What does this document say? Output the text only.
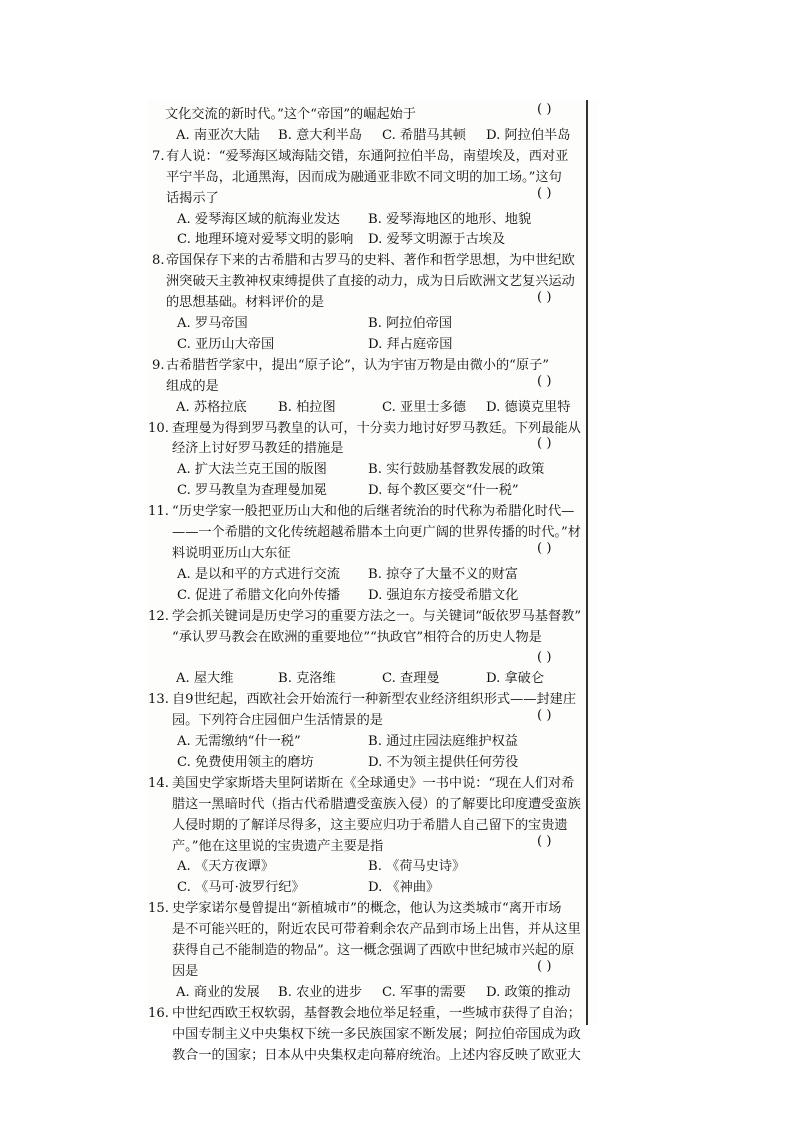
文化交流的新时代。”这个“帝国”的崛起始于	( )
A. 南亚次大陆 B. 意大利半岛 C. 希腊马其顿 D. 阿拉伯半岛
7. 有人说：“爱琴海区域海陆交错，东通阿拉伯半岛，南望埃及，西对亚
平宁半岛，北通黑海，因而成为融通亚非欧不同文明的加工场。”这句
话揭示了	( )
A. 爱琴海区域的航海业发达 B. 爱琴海地区的地形、地貌
C. 地理环境对爱琴文明的影响 D. 爱琴文明源于古埃及
8. 帝国保存下来的古希腊和古罗马的史料、著作和哲学思想，为中世纪欧
洲突破天主教神权束缚提供了直接的动力，成为日后欧洲文艺复兴运动
的思想基础。材料评价的是	( )
A. 罗马帝国	B. 阿拉伯帝国
C. 亚历山大帝国	D. 拜占庭帝国
9. 古希腊哲学家中，提出“原子论”，认为宇宙万物是由微小的“原子”
组成的是	( )
A. 苏格拉底 B. 柏拉图	C. 亚里士多德 D. 德谟克里特
10. 查理曼为得到罗马教皇的认可，十分卖力地讨好罗马教廷。下列最能从
经济上讨好罗马教廷的措施是	( )
A. 扩大法兰克王国的版图	B. 实行鼓励基督教发展的政策
C. 罗马教皇为查理曼加冕	D. 每个教区要交“什一税”
11. “历史学家一般把亚历山大和他的后继者统治的时代称为希腊化时代—
——一个希腊的文化传统超越希腊本土向更广阔的世界传播的时代。”材
料说明亚历山大东征	( )
A. 是以和平的方式进行交流 B. 掠夺了大量不义的财富
C. 促进了希腊文化向外传播 D. 强迫东方接受希腊文化
12. 学会抓关键词是历史学习的重要方法之一。与关键词“皈依罗马基督教”
“承认罗马教会在欧洲的重要地位”“执政官”相符合的历史人物是
( )
A. 屋大维	B. 克洛维	C. 查理曼	D. 拿破仑
13. 自9世纪起，西欧社会开始流行一种新型农业经济组织形式——封建庄
园。下列符合庄园佃户生活情景的是	( )
A. 无需缴纳“什一税”	B. 通过庄园法庭维护权益
C. 免费使用领主的磨坊	D. 不为领主提供任何劳役
14. 美国史学家斯塔夫里阿诺斯在《全球通史》一书中说：“现在人们对希
腊这一黑暗时代（指古代希腊遭受蛮族入侵）的了解要比印度遭受蛮族
人侵时期的了解详尽得多，这主要应归功于希腊人自己留下的宝贵遗
产。”他在这里说的宝贵遗产主要是指	( )
A. 《天方夜谭》	B. 《荷马史诗》
C. 《马可·波罗行纪》	D. 《神曲》
15. 史学家诺尔曼曾提出“新植城市”的概念，他认为这类城市“离开市场
是不可能兴旺的，附近农民可带着剩余农产品到市场上出售，并从这里
获得自己不能制造的物品”。这一概念强调了西欧中世纪城市兴起的原
因是	( )
A. 商业的发展 B. 农业的进步 C. 军事的需要 D. 政策的推动
16. 中世纪西欧王权软弱，基督教会地位举足轻重，一些城市获得了自治；
中国专制主义中央集权下统一多民族国家不断发展；阿拉伯帝国成为政
教合一的国家；日本从中央集权走向幕府统治。上述内容反映了欧亚大
